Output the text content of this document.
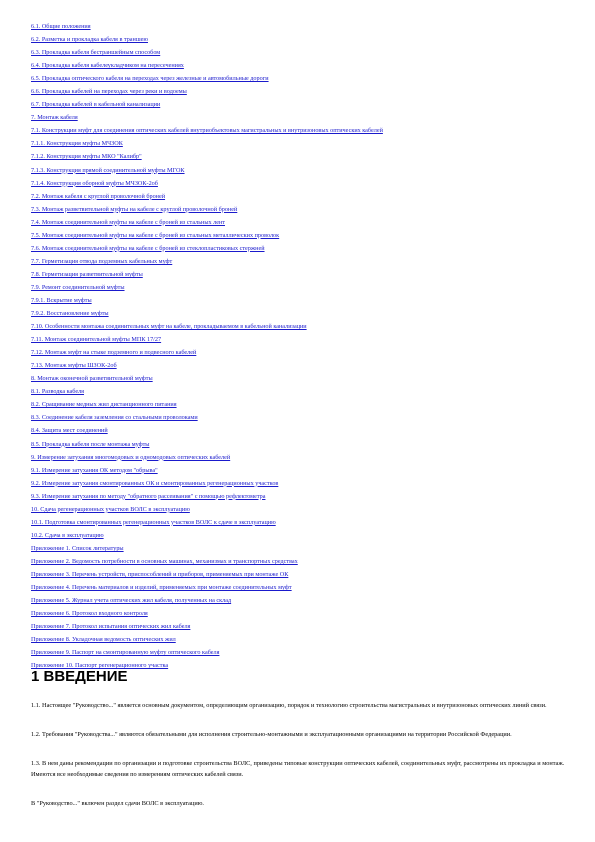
6.1. Общие положения
6.2. Разметка и прокладка кабеля в траншею
6.3. Прокладка кабеля бестраншейным способом
6.4. Прокладка кабеля кабелеукладчиком на пересечениях
6.5. Прокладка оптического кабеля на переходах через железные и автомобильные дороги
6.6. Прокладка кабелей на переходах через реки и водоемы
6.7. Прокладка кабелей в кабельной канализации
7. Монтаж кабеля
7.1. Конструкции муфт для соединения оптических кабелей внутриобъектовых магистральных и внутризоновых оптических кабелей
7.1.1. Конструкция муфты МЧЗОК
7.1.2. Конструкция муфты МКО "Калибр"
7.1.3. Конструкция прямой соединительной муфты МГОК
7.1.4. Конструкция оборной муфты МЧЗОК-2об
7.2. Монтаж кабеля с круглой проволочной броней
7.3. Монтаж разветвительной муфты на кабеле с круглой проволочной броней
7.4. Монтаж соединительной муфты на кабеле с броней из стальных лент
7.5. Монтаж соединительной муфты на кабеле с броней из стальных металлических проволок
7.6. Монтаж соединительной муфты на кабеле с броней из стеклопластиковых стержней
7.7. Герметизация отвода подземных кабельных муфт
7.8. Герметизация разветвительной муфты
7.9. Ремонт соединительной муфты
7.9.1. Вскрытие муфты
7.9.2. Восстановление муфты
7.10. Особенности монтажа соединительных муфт на кабеле, прокладываемом в кабельной канализации
7.11. Монтаж соединительной муфты МПК 17/27
7.12. Монтаж муфт на стыке подземного и подвесного кабелей
7.13. Монтаж муфты ШЗОК-2об
8. Монтаж оконечной разветвительной муфты
8.1. Разводка кабеля
8.2. Сращивание медных жил дистанционного питания
8.3. Соединение кабеля заземления со стальными проволоками
8.4. Защита мест соединений
8.5. Прокладка кабеля после монтажа муфты
9. Измерение затухания многомодовых и одномодовых оптических кабелей
9.1. Измерение затухания ОК методом "обрыва"
9.2. Измерение затухания смонтированных ОК и смонтированных регенерационных участков
9.3. Измерение затухания по методу "обратного рассеивания" с помощью рефлектометра
10. Сдача регенерационных участков ВОЛС в эксплуатацию
10.1. Подготовка смонтированных регенерационных участков ВОЛС к сдаче в эксплуатацию
10.2. Сдача в эксплуатацию
Приложение 1. Список литературы
Приложение 2. Ведомость потребности в основных машинах, механизмах и транспортных средствах
Приложение 3. Перечень устройств, приспособлений и приборов, применяемых при монтаже ОК
Приложение 4. Перечень материалов и изделий, применяемых при монтаже соединительных муфт
Приложение 5. Журнал учета оптических жил кабеля, полученных на склад
Приложение 6. Протокол входного контроля
Приложение 7. Протокол испытания оптических жил кабеля
Приложение 8. Укладочная ведомость оптических жил
Приложение 9. Паспорт на смонтированную муфту оптического кабеля
Приложение 10. Паспорт регенерационного участка
1 ВВЕДЕНИЕ

1.1. Настоящее "Руководство..." является основным документом, определяющим организацию, порядок и технологию строительства магистральных и внутризоновых оптических линий связи.

1.2. Требования "Руководства..." являются обязательными для исполнения строительно-монтажными и эксплуатационными организациями на территории Российской Федерации.

1.3. В нем даны рекомендации по организации и подготовке строительства ВОЛС, приведены типовые конструкции оптических кабелей, соединительных муфт, рассмотрены их прокладка и монтаж. Имеются все необходимые сведения по измерениям оптических кабелей связи.

В "Руководство..." включен раздел сдачи ВОЛС в эксплуатацию.
